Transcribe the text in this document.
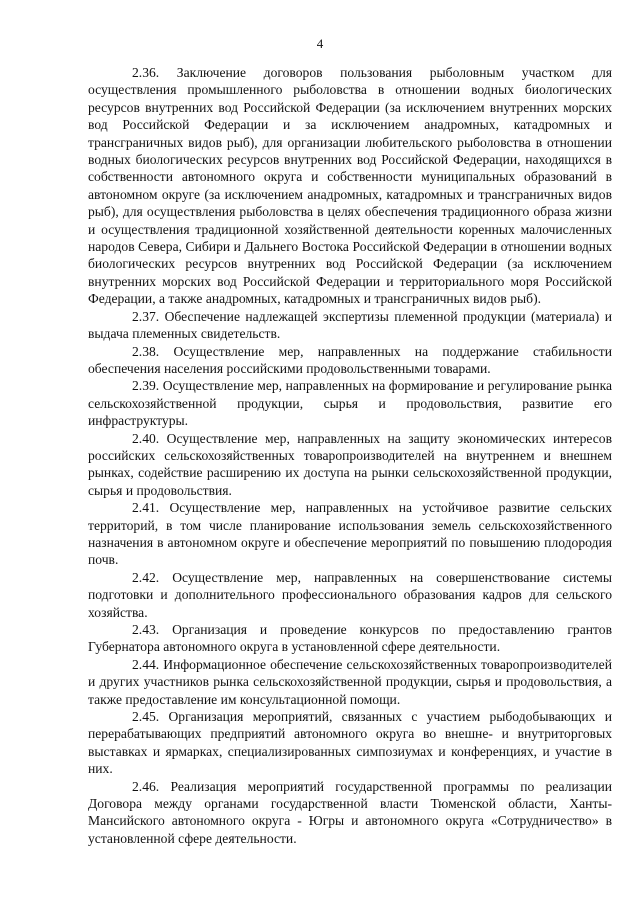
4

2.36. Заключение договоров пользования рыболовным участком для осуществления промышленного рыболовства в отношении водных биологических ресурсов внутренних вод Российской Федерации (за исключением внутренних морских вод Российской Федерации и за исключением анадромных, катадромных и трансграничных видов рыб), для организации любительского рыболовства в отношении водных биологических ресурсов внутренних вод Российской Федерации, находящихся в собственности автономного округа и собственности муниципальных образований в автономном округе (за исключением анадромных, катадромных и трансграничных видов рыб), для осуществления рыболовства в целях обеспечения традиционного образа жизни и осуществления традиционной хозяйственной деятельности коренных малочисленных народов Севера, Сибири и Дальнего Востока Российской Федерации в отношении водных биологических ресурсов внутренних вод Российской Федерации (за исключением внутренних морских вод Российской Федерации и территориального моря Российской Федерации, а также анадромных, катадромных и трансграничных видов рыб).

2.37. Обеспечение надлежащей экспертизы племенной продукции (материала) и выдача племенных свидетельств.

2.38. Осуществление мер, направленных на поддержание стабильности обеспечения населения российскими продовольственными товарами.

2.39. Осуществление мер, направленных на формирование и регулирование рынка сельскохозяйственной продукции, сырья и продовольствия, развитие его инфраструктуры.

2.40. Осуществление мер, направленных на защиту экономических интересов российских сельскохозяйственных товаропроизводителей на внутреннем и внешнем рынках, содействие расширению их доступа на рынки сельскохозяйственной продукции, сырья и продовольствия.

2.41. Осуществление мер, направленных на устойчивое развитие сельских территорий, в том числе планирование использования земель сельскохозяйственного назначения в автономном округе и обеспечение мероприятий по повышению плодородия почв.

2.42. Осуществление мер, направленных на совершенствование системы подготовки и дополнительного профессионального образования кадров для сельского хозяйства.

2.43. Организация и проведение конкурсов по предоставлению грантов Губернатора автономного округа в установленной сфере деятельности.

2.44. Информационное обеспечение сельскохозяйственных товаропроизводителей и других участников рынка сельскохозяйственной продукции, сырья и продовольствия, а также предоставление им консультационной помощи.

2.45. Организация мероприятий, связанных с участием рыбодобывающих и перерабатывающих предприятий автономного округа во внешне- и внутриторговых выставках и ярмарках, специализированных симпозиумах и конференциях, и участие в них.

2.46. Реализация мероприятий государственной программы по реализации Договора между органами государственной власти Тюменской области, Ханты-Мансийского автономного округа - Югры и автономного округа «Сотрудничество» в установленной сфере деятельности.
